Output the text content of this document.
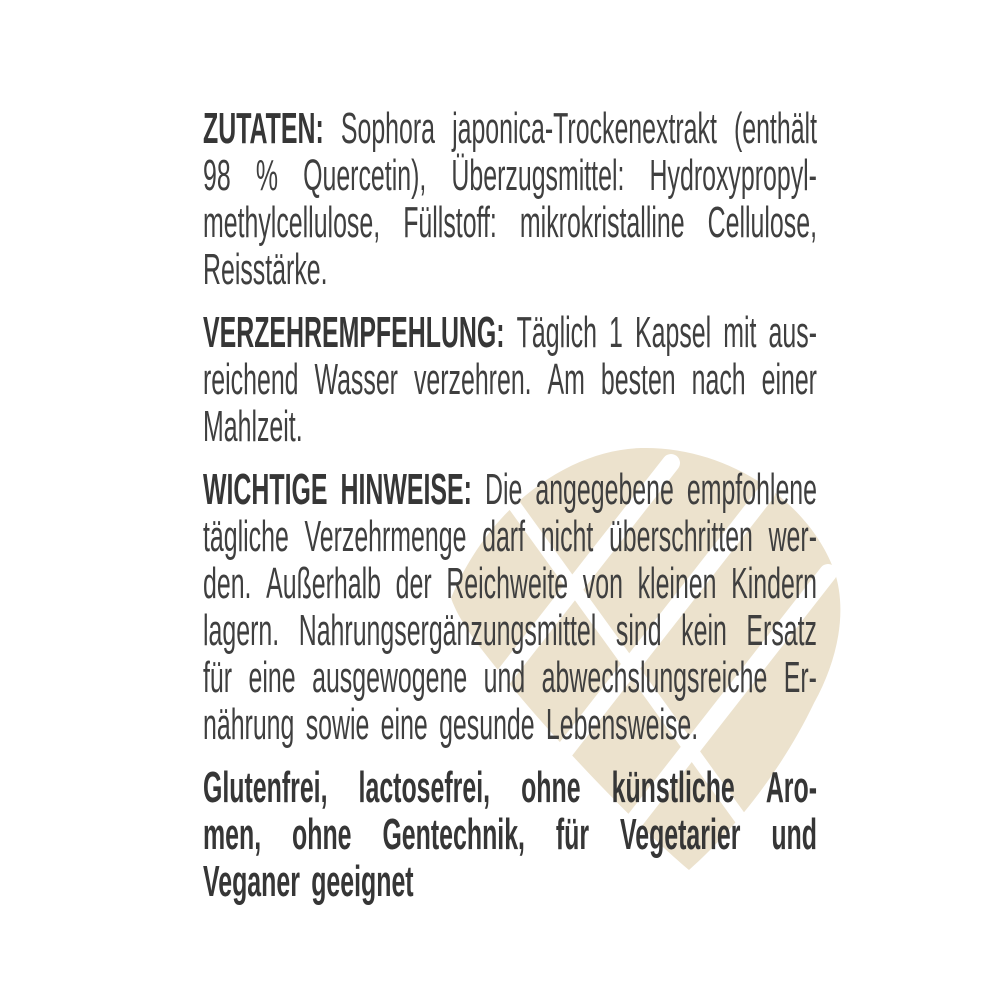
ZUTATEN: Sophora japonica-Trockenextrakt (enthält
98 % Quercetin), Überzugsmittel: Hydroxypropyl-
methylcellulose, Füllstoff: mikrokristalline Cellulose,
Reisstärke.
VERZEHREMPFEHLUNG: Täglich 1 Kapsel mit aus-
reichend Wasser verzehren. Am besten nach einer
Mahlzeit.
WICHTIGE HINWEISE: Die angegebene empfohlene
tägliche Verzehrmenge darf nicht überschritten wer-
den. Außerhalb der Reichweite von kleinen Kindern
lagern. Nahrungsergänzungsmittel sind kein Ersatz
für eine ausgewogene und abwechslungsreiche Er-
nährung sowie eine gesunde Lebensweise.
Glutenfrei, lactosefrei, ohne künstliche Aro-
men, ohne Gentechnik, für Vegetarier und
Veganer geeignet
